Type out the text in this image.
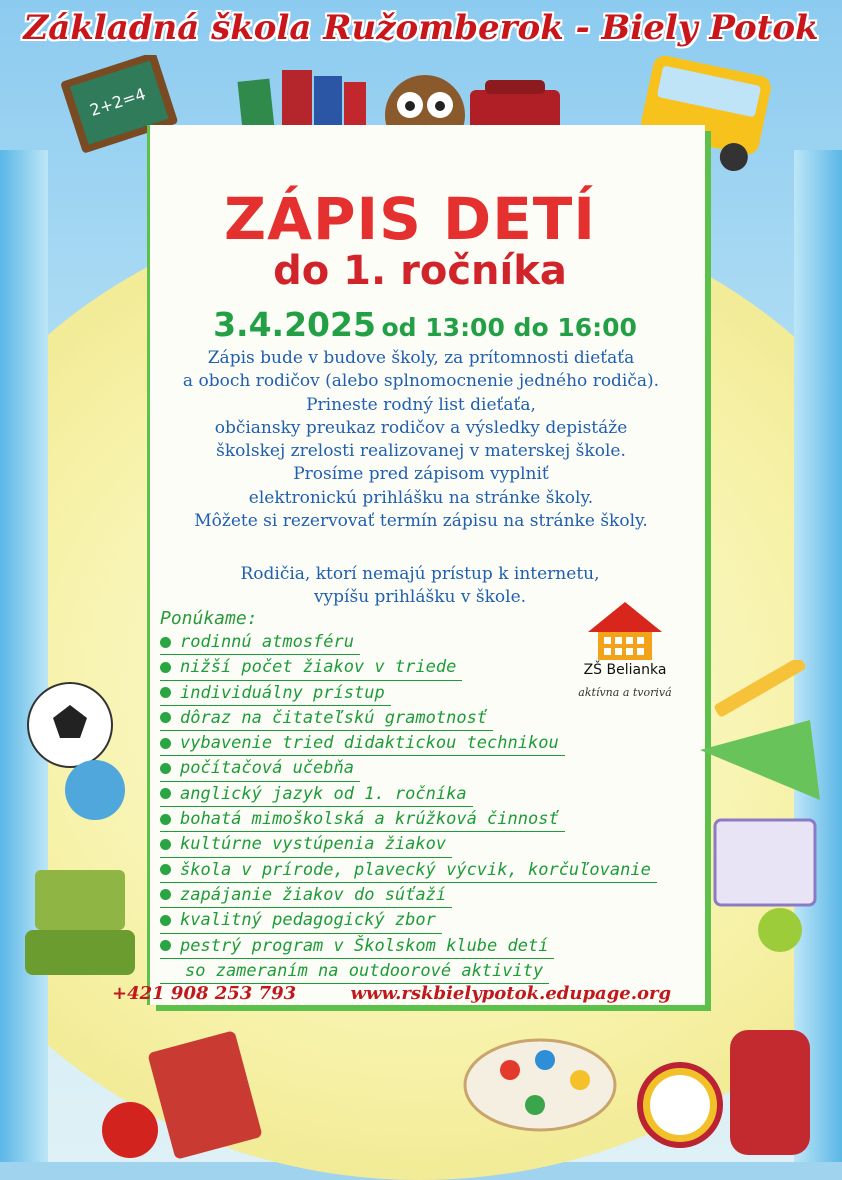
2+2=4
Základná škola Ružomberok - Biely Potok
ZÁPIS DETÍ
do 1. ročníka
3.4.2025 od 13:00 do 16:00
Zápis bude v budove školy, za prítomnosti dieťaťa
a oboch rodičov (alebo splnomocnenie jedného rodiča).
Prineste rodný list dieťaťa,
občiansky preukaz rodičov a výsledky depistáže
školskej zrelosti realizovanej v materskej škole.
Prosíme pred zápisom vyplniť
elektronickú prihlášku na stránke školy.
Môžete si rezervovať termín zápisu na stránke školy.
Rodičia, ktorí nemajú prístup k internetu,
vypíšu prihlášku v škole.
Ponúkame:
rodinnú atmosféru
nižší počet žiakov v triede
individuálny prístup
dôraz na čitateľskú gramotnosť
vybavenie tried didaktickou technikou
počítačová učebňa
anglický jazyk od 1. ročníka
bohatá mimoškolská a krúžková činnosť
kultúrne vystúpenia žiakov
škola v prírode, plavecký výcvik, korčuľovanie
zapájanie žiakov do súťaží
kvalitný pedagogický zbor
pestrý program v Školskom klube detí
so zameraním na outdoorové aktivity
ZŠ Belianka
aktívna a tvorivá
+421 908 253 793	www.rskbielypotok.edupage.org
